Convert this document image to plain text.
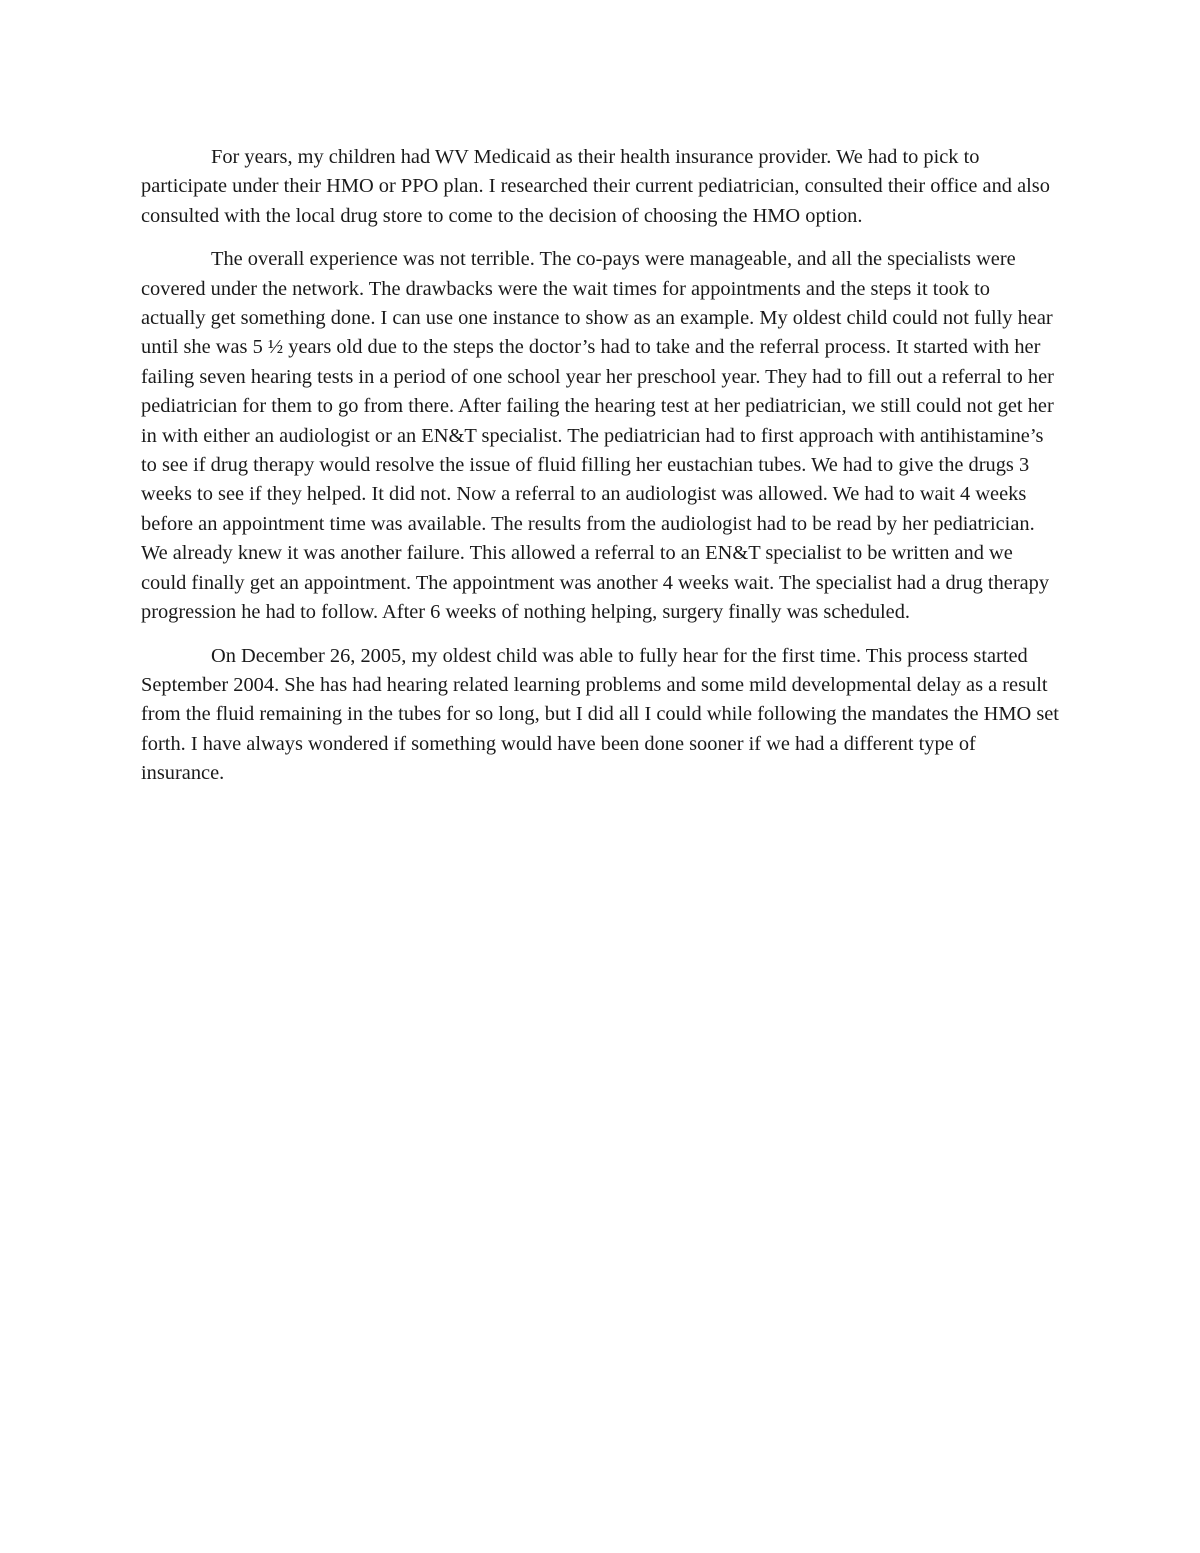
For years, my children had WV Medicaid as their health insurance provider. We had to pick to participate under their HMO or PPO plan. I researched their current pediatrician, consulted their office and also consulted with the local drug store to come to the decision of choosing the HMO option.

The overall experience was not terrible. The co-pays were manageable, and all the specialists were covered under the network. The drawbacks were the wait times for appointments and the steps it took to actually get something done. I can use one instance to show as an example. My oldest child could not fully hear until she was 5 ½ years old due to the steps the doctor’s had to take and the referral process. It started with her failing seven hearing tests in a period of one school year her preschool year. They had to fill out a referral to her pediatrician for them to go from there. After failing the hearing test at her pediatrician, we still could not get her in with either an audiologist or an EN&T specialist. The pediatrician had to first approach with antihistamine’s to see if drug therapy would resolve the issue of fluid filling her eustachian tubes. We had to give the drugs 3 weeks to see if they helped. It did not. Now a referral to an audiologist was allowed. We had to wait 4 weeks before an appointment time was available. The results from the audiologist had to be read by her pediatrician. We already knew it was another failure. This allowed a referral to an EN&T specialist to be written and we could finally get an appointment. The appointment was another 4 weeks wait. The specialist had a drug therapy progression he had to follow. After 6 weeks of nothing helping, surgery finally was scheduled.

On December 26, 2005, my oldest child was able to fully hear for the first time. This process started September 2004. She has had hearing related learning problems and some mild developmental delay as a result from the fluid remaining in the tubes for so long, but I did all I could while following the mandates the HMO set forth. I have always wondered if something would have been done sooner if we had a different type of insurance.
